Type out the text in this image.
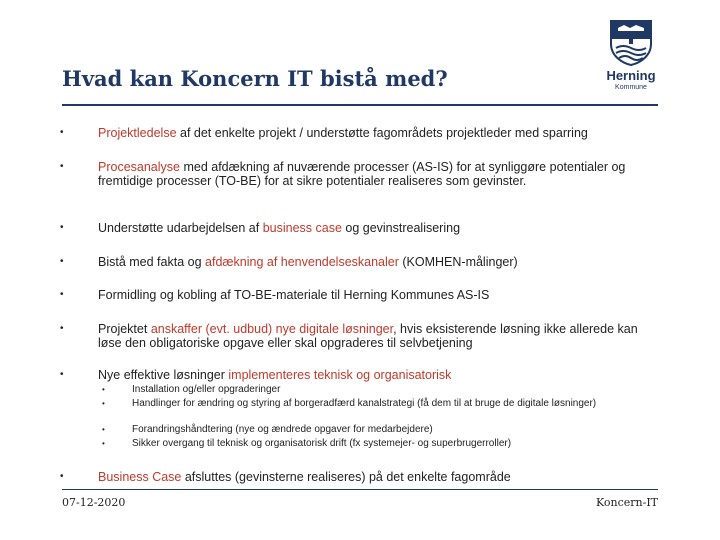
Hvad kan Koncern IT bistå med?	Herning
Kommune
• Projektledelse af det enkelte projekt / understøtte fagområdets projektleder med sparring
• Procesanalyse med afdækning af nuværende processer (AS-IS) for at synliggøre potentialer og fremtidige processer (TO-BE) for at sikre potentialer realiseres som gevinster.
• Understøtte udarbejdelsen af business case og gevinstrealisering
• Bistå med fakta og afdækning af henvendelseskanaler (KOMHEN-målinger)
• Formidling og kobling af TO-BE-materiale til Herning Kommunes AS-IS
• Projektet anskaffer (evt. udbud) nye digitale løsninger, hvis eksisterende løsning ikke allerede kan løse den obligatoriske opgave eller skal opgraderes til selvbetjening
• Nye effektive løsninger implementeres teknisk og organisatorisk
• Installation og/eller opgraderinger
• Handlinger for ændring og styring af borgeradfærd kanalstrategi (få dem til at bruge de digitale løsninger)
• Forandringshåndtering (nye og ændrede opgaver for medarbejdere)
• Sikker overgang til teknisk og organisatorisk drift (fx systemejer- og superbrugerroller)
• Business Case afsluttes (gevinsterne realiseres) på det enkelte fagområde
07-12-2020	Koncern-IT
